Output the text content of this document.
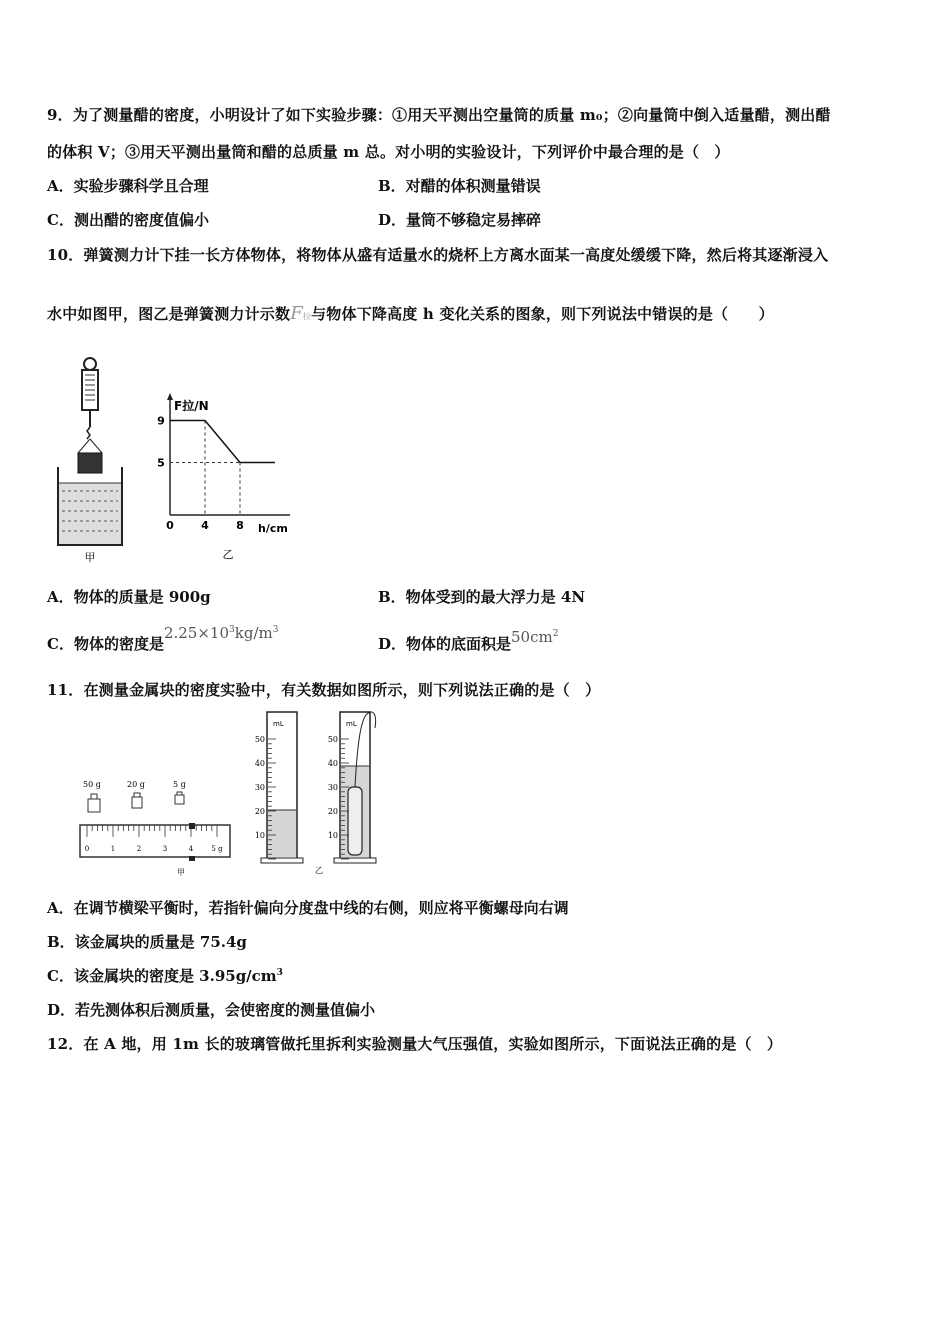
9．为了测量醋的密度，小明设计了如下实验步骤：①用天平测出空量筒的质量 m₀；②向量筒中倒入适量醋，测出醋
的体积 V；③用天平测出量筒和醋的总质量 m 总。对小明的实验设计，下列评价中最合理的是（　）
A．实验步骤科学且合理	B．对醋的体积测量错误
C．测出醋的密度值偏小	D．量筒不够稳定易摔碎
10．弹簧测力计下挂一长方体物体，将物体从盛有适量水的烧杯上方离水面某一高度处缓缓下降，然后将其逐渐浸入
水中如图甲，图乙是弹簧测力计示数F拉与物体下降高度 h 变化关系的图象，则下列说法中错误的是（　　）
甲
F拉/N
h/cm
0 4 8
9
5
乙
A．物体的质量是 900g	B．物体受到的最大浮力是 4N
C．物体的密度是$2.25\times 10^3kg/m^3$
D．物体的底面积是$50cm^2$
11．在测量金属块的密度实验中，有关数据如图所示，则下列说法正确的是（　）
50 g	20 g	5 g
0	1	2	3	4	5 g
甲
mL
50
40
30
20
10
mL
50
40
30
20
10
乙
A．在调节横梁平衡时，若指针偏向分度盘中线的右侧，则应将平衡螺母向右调
B．该金属块的质量是 75.4g
C．该金属块的密度是 $3.95g/cm^3$
D．若先测体积后测质量，会使密度的测量值偏小
12．在 A 地，用 1m 长的玻璃管做托里拆利实验测量大气压强值，实验如图所示，下面说法正确的是（　）
